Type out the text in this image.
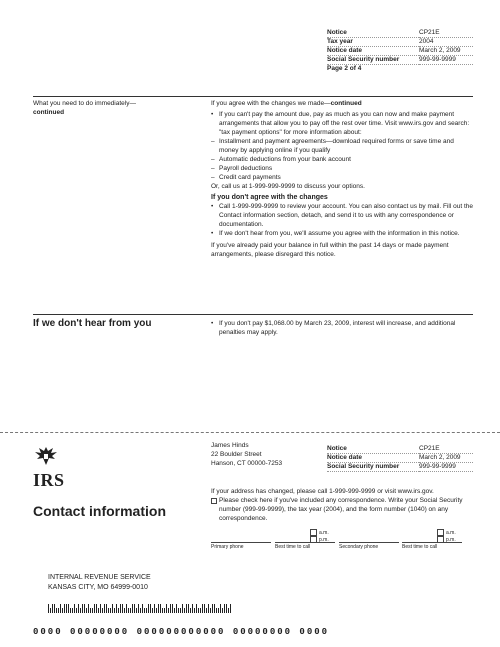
Notice	CP21E
Tax year	2004
Notice date	March 2, 2009
Social Security number	999-99-9999
Page 2 of 4	
What you need to do immediately—
continued

If you agree with the changes we made—continued

• If you can't pay the amount due, pay as much as you can now and make payment arrangements that allow you to pay off the rest over time. Visit www.irs.gov and search: "tax payment options" for more information about:
– Installment and payment agreements—download required forms or save time and money by applying online if you qualify
– Automatic deductions from your bank account
– Payroll deductions
– Credit card payments

Or, call us at 1-999-999-9999 to discuss your options.

If you don't agree with the changes

• Call 1-999-999-9999 to review your account. You can also contact us by mail. Fill out the Contact information section, detach, and send it to us with any correspondence or documentation.
• If we don't hear from you, we'll assume you agree with the information in this notice.

If you've already paid your balance in full within the past 14 days or made payment arrangements, please disregard this notice.

If we don't hear from you	• If you don't pay $1,068.00 by March 23, 2009, interest will increase, and additional penalties may apply.
IRS
Contact information
James Hinds
22 Boulder Street
Hanson, CT 00000-7253
Notice	CP21E
Notice date	March 2, 2009
Social Security number	999-99-9999

If your address has changed, please call 1-999-999-9999 or visit www.irs.gov.

Please check here if you've included any correspondence. Write your Social Security number (999-99-9999), the tax year (2004), and the form number (1040) on any correspondence.
a.m.
p.m.
a.m.
p.m.
Primary phone	Best time to call	Secondary phone	Best time to call
INTERNAL REVENUE SERVICE
KANSAS CITY, MO 64999-0010
0000 00000000 000000000000 00000000 0000
